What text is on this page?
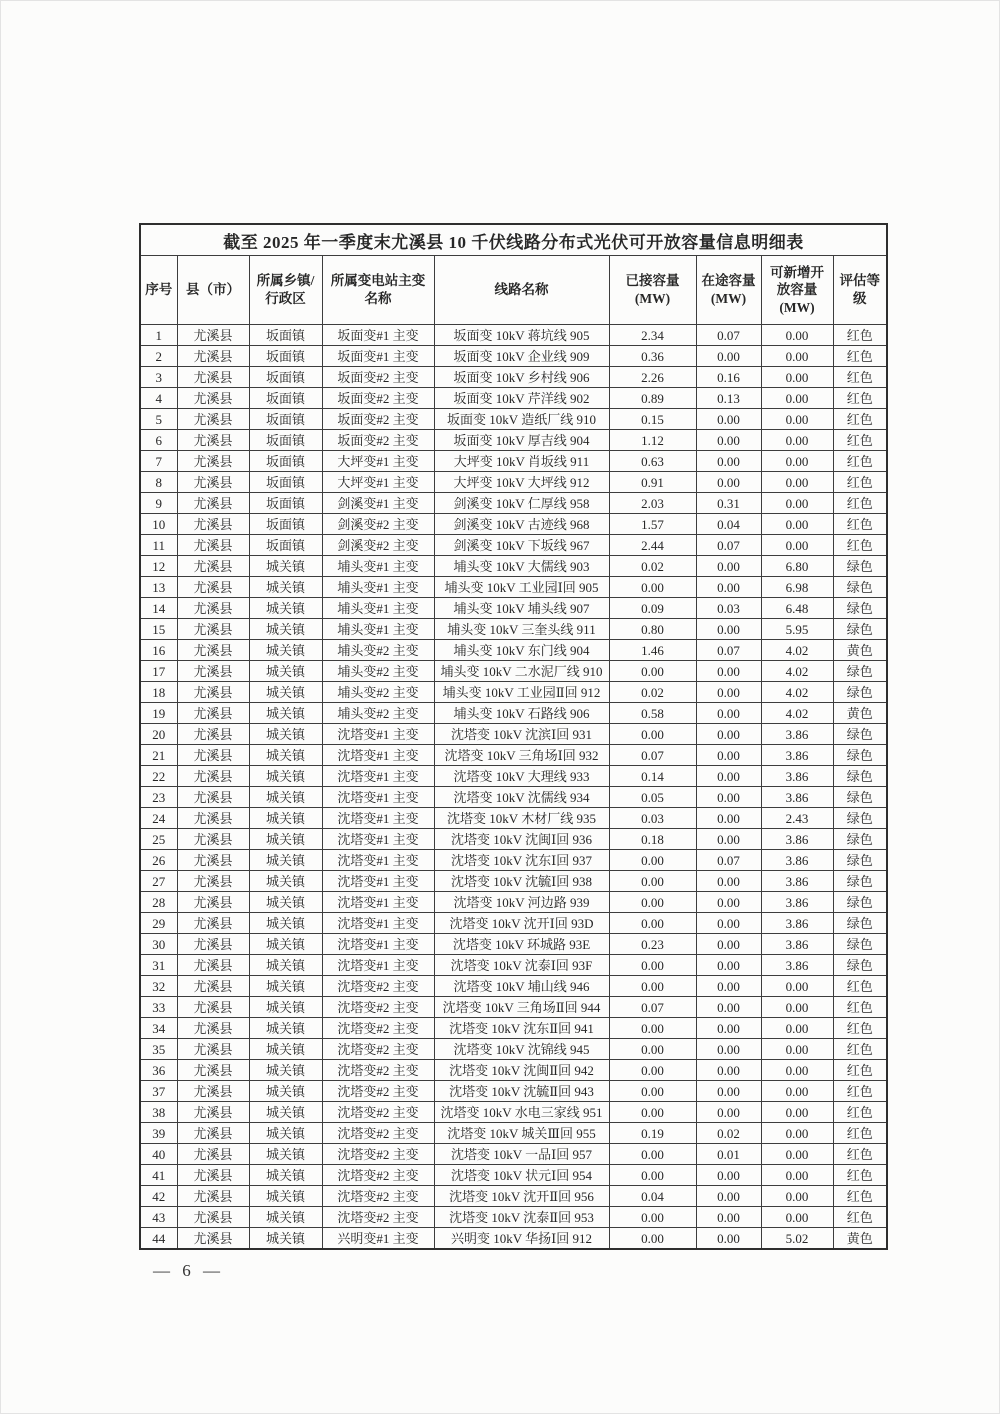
截至 2025 年一季度末尤溪县 10 千伏线路分布式光伏可开放容量信息明细表								
序号	县（市）	所属乡镇/行政区	所属变电站主变名称	线路名称	已接容量(MW)	在途容量(MW)	可新增开放容量(MW)	评估等级
1	尤溪县	坂面镇	坂面变#1 主变	坂面变 10kV 蒋坑线 905	2.34	0.07	0.00	红色
2	尤溪县	坂面镇	坂面变#1 主变	坂面变 10kV 企业线 909	0.36	0.00	0.00	红色
3	尤溪县	坂面镇	坂面变#2 主变	坂面变 10kV 乡村线 906	2.26	0.16	0.00	红色
4	尤溪县	坂面镇	坂面变#2 主变	坂面变 10kV 芹洋线 902	0.89	0.13	0.00	红色
5	尤溪县	坂面镇	坂面变#2 主变	坂面变 10kV 造纸厂线 910	0.15	0.00	0.00	红色
6	尤溪县	坂面镇	坂面变#2 主变	坂面变 10kV 厚吉线 904	1.12	0.00	0.00	红色
7	尤溪县	坂面镇	大坪变#1 主变	大坪变 10kV 肖坂线 911	0.63	0.00	0.00	红色
8	尤溪县	坂面镇	大坪变#1 主变	大坪变 10kV 大坪线 912	0.91	0.00	0.00	红色
9	尤溪县	坂面镇	剑溪变#1 主变	剑溪变 10kV 仁厚线 958	2.03	0.31	0.00	红色
10	尤溪县	坂面镇	剑溪变#2 主变	剑溪变 10kV 古迹线 968	1.57	0.04	0.00	红色
11	尤溪县	坂面镇	剑溪变#2 主变	剑溪变 10kV 下坂线 967	2.44	0.07	0.00	红色
12	尤溪县	城关镇	埔头变#1 主变	埔头变 10kV 大儒线 903	0.02	0.00	6.80	绿色
13	尤溪县	城关镇	埔头变#1 主变	埔头变 10kV 工业园Ⅰ回 905	0.00	0.00	6.98	绿色
14	尤溪县	城关镇	埔头变#1 主变	埔头变 10kV 埔头线 907	0.09	0.03	6.48	绿色
15	尤溪县	城关镇	埔头变#1 主变	埔头变 10kV 三奎头线 911	0.80	0.00	5.95	绿色
16	尤溪县	城关镇	埔头变#2 主变	埔头变 10kV 东门线 904	1.46	0.07	4.02	黄色
17	尤溪县	城关镇	埔头变#2 主变	埔头变 10kV 二水泥厂线 910	0.00	0.00	4.02	绿色
18	尤溪县	城关镇	埔头变#2 主变	埔头变 10kV 工业园Ⅱ回 912	0.02	0.00	4.02	绿色
19	尤溪县	城关镇	埔头变#2 主变	埔头变 10kV 石路线 906	0.58	0.00	4.02	黄色
20	尤溪县	城关镇	沈塔变#1 主变	沈塔变 10kV 沈滨Ⅰ回 931	0.00	0.00	3.86	绿色
21	尤溪县	城关镇	沈塔变#1 主变	沈塔变 10kV 三角场Ⅰ回 932	0.07	0.00	3.86	绿色
22	尤溪县	城关镇	沈塔变#1 主变	沈塔变 10kV 大理线 933	0.14	0.00	3.86	绿色
23	尤溪县	城关镇	沈塔变#1 主变	沈塔变 10kV 沈儒线 934	0.05	0.00	3.86	绿色
24	尤溪县	城关镇	沈塔变#1 主变	沈塔变 10kV 木材厂线 935	0.03	0.00	2.43	绿色
25	尤溪县	城关镇	沈塔变#1 主变	沈塔变 10kV 沈闽Ⅰ回 936	0.18	0.00	3.86	绿色
26	尤溪县	城关镇	沈塔变#1 主变	沈塔变 10kV 沈东Ⅰ回 937	0.00	0.07	3.86	绿色
27	尤溪县	城关镇	沈塔变#1 主变	沈塔变 10kV 沈毓Ⅰ回 938	0.00	0.00	3.86	绿色
28	尤溪县	城关镇	沈塔变#1 主变	沈塔变 10kV 河边路 939	0.00	0.00	3.86	绿色
29	尤溪县	城关镇	沈塔变#1 主变	沈塔变 10kV 沈开Ⅰ回 93D	0.00	0.00	3.86	绿色
30	尤溪县	城关镇	沈塔变#1 主变	沈塔变 10kV 环城路 93E	0.23	0.00	3.86	绿色
31	尤溪县	城关镇	沈塔变#1 主变	沈塔变 10kV 沈泰Ⅰ回 93F	0.00	0.00	3.86	绿色
32	尤溪县	城关镇	沈塔变#2 主变	沈塔变 10kV 埔山线 946	0.00	0.00	0.00	红色
33	尤溪县	城关镇	沈塔变#2 主变	沈塔变 10kV 三角场Ⅱ回 944	0.07	0.00	0.00	红色
34	尤溪县	城关镇	沈塔变#2 主变	沈塔变 10kV 沈东Ⅱ回 941	0.00	0.00	0.00	红色
35	尤溪县	城关镇	沈塔变#2 主变	沈塔变 10kV 沈锦线 945	0.00	0.00	0.00	红色
36	尤溪县	城关镇	沈塔变#2 主变	沈塔变 10kV 沈闽Ⅱ回 942	0.00	0.00	0.00	红色
37	尤溪县	城关镇	沈塔变#2 主变	沈塔变 10kV 沈毓Ⅱ回 943	0.00	0.00	0.00	红色
38	尤溪县	城关镇	沈塔变#2 主变	沈塔变 10kV 水电三家线 951	0.00	0.00	0.00	红色
39	尤溪县	城关镇	沈塔变#2 主变	沈塔变 10kV 城关Ⅲ回 955	0.19	0.02	0.00	红色
40	尤溪县	城关镇	沈塔变#2 主变	沈塔变 10kV 一品Ⅰ回 957	0.00	0.01	0.00	红色
41	尤溪县	城关镇	沈塔变#2 主变	沈塔变 10kV 状元Ⅰ回 954	0.00	0.00	0.00	红色
42	尤溪县	城关镇	沈塔变#2 主变	沈塔变 10kV 沈开Ⅱ回 956	0.04	0.00	0.00	红色
43	尤溪县	城关镇	沈塔变#2 主变	沈塔变 10kV 沈泰Ⅱ回 953	0.00	0.00	0.00	红色
44	尤溪县	城关镇	兴明变#1 主变	兴明变 10kV 华扬Ⅰ回 912	0.00	0.00	5.02	黄色
— 6 —
